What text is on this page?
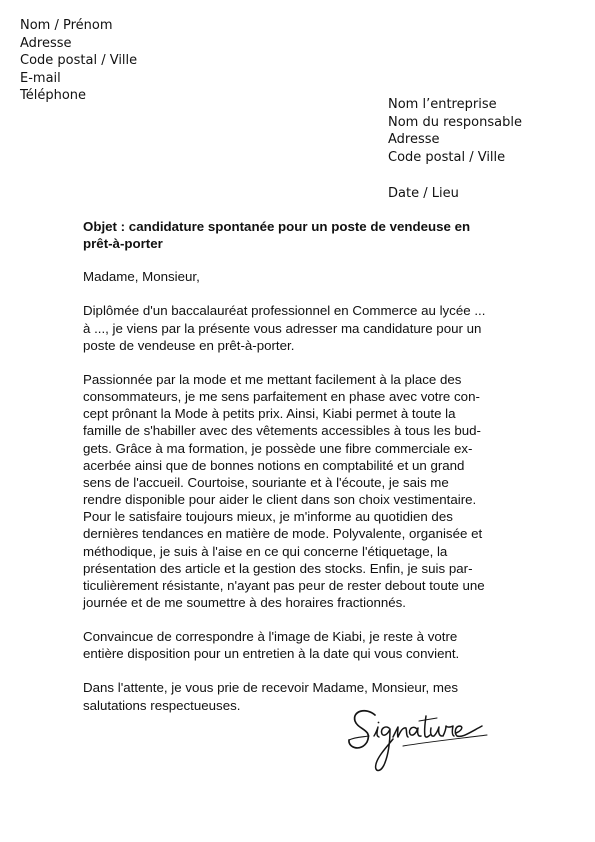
Nom / Prénom
Adresse
Code postal / Ville
E-mail
Téléphone
Nom l’entreprise
Nom du responsable
Adresse
Code postal / Ville
Date / Lieu
Objet : candidature spontanée pour un poste de vendeuse en
prêt-à-porter
Madame, Monsieur,
Diplômée d'un baccalauréat professionnel en Commerce au lycée ...
à ..., je viens par la présente vous adresser ma candidature pour un
poste de vendeuse en prêt-à-porter.
Passionnée par la mode et me mettant facilement à la place des
consommateurs, je me sens parfaitement en phase avec votre con-
cept prônant la Mode à petits prix. Ainsi, Kiabi permet à toute la
famille de s'habiller avec des vêtements accessibles à tous les bud-
gets. Grâce à ma formation, je possède une fibre commerciale ex-
acerbée ainsi que de bonnes notions en comptabilité et un grand
sens de l'accueil. Courtoise, souriante et à l'écoute, je sais me
rendre disponible pour aider le client dans son choix vestimentaire.
Pour le satisfaire toujours mieux, je m'informe au quotidien des
dernières tendances en matière de mode. Polyvalente, organisée et
méthodique, je suis à l'aise en ce qui concerne l'étiquetage, la
présentation des article et la gestion des stocks. Enfin, je suis par-
ticulièrement résistante, n'ayant pas peur de rester debout toute une
journée et de me soumettre à des horaires fractionnés.
Convaincue de correspondre à l'image de Kiabi, je reste à votre
entière disposition pour un entretien à la date qui vous convient.
Dans l'attente, je vous prie de recevoir Madame, Monsieur, mes
salutations respectueuses.
